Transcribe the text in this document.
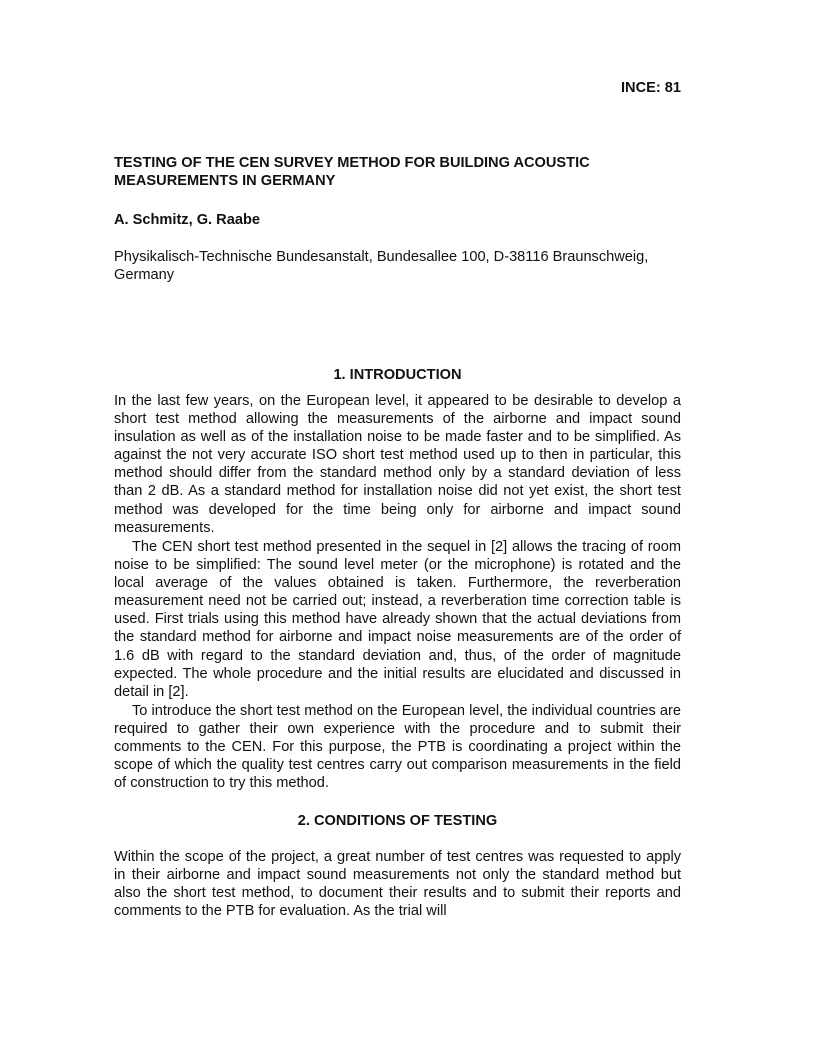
INCE: 81
TESTING OF THE CEN SURVEY METHOD FOR BUILDING ACOUSTIC MEASUREMENTS IN GERMANY

A. Schmitz, G. Raabe

Physikalisch-Technische Bundesanstalt, Bundesallee 100, D-38116 Braunschweig, Germany

1. INTRODUCTION

In the last few years, on the European level, it appeared to be desirable to develop a short test method allowing the measurements of the airborne and impact sound insulation as well as of the installation noise to be made faster and to be simplified. As against the not very accurate ISO short test method used up to then in particular, this method should differ from the standard method only by a standard deviation of less than 2 dB. As a standard method for installation noise did not yet exist, the short test method was developed for the time being only for airborne and impact sound measurements.

The CEN short test method presented in the sequel in [2] allows the tracing of room noise to be simplified: The sound level meter (or the microphone) is rotated and the local average of the values obtained is taken. Furthermore, the reverberation measurement need not be carried out; instead, a reverberation time correction table is used. First trials using this method have already shown that the actual deviations from the standard method for airborne and impact noise measurements are of the order of 1.6 dB with regard to the standard deviation and, thus, of the order of magnitude expected. The whole procedure and the initial results are elucidated and discussed in detail in [2].

To introduce the short test method on the European level, the individual countries are required to gather their own experience with the procedure and to submit their comments to the CEN. For this purpose, the PTB is coordinating a project within the scope of which the quality test centres carry out comparison measurements in the field of construction to try this method.

2. CONDITIONS OF TESTING

Within the scope of the project, a great number of test centres was requested to apply in their airborne and impact sound measurements not only the standard method but also the short test method, to document their results and to submit their reports and comments to the PTB for evaluation. As the trial will
